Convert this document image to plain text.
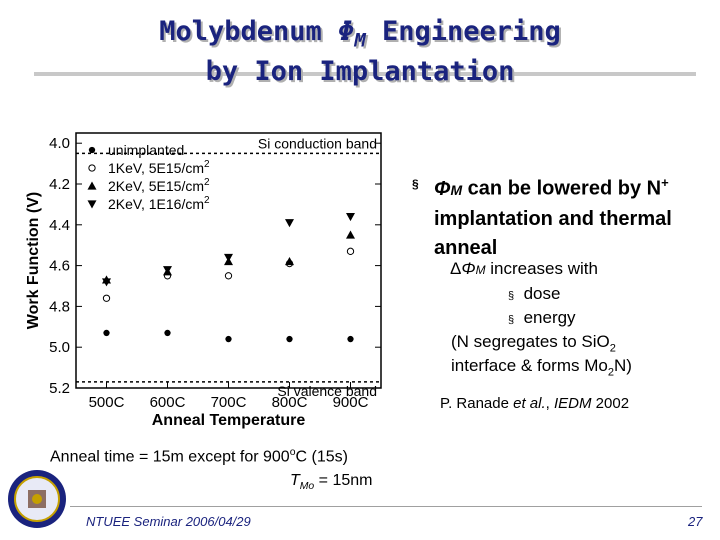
Molybdenum $\Phi_M$ Engineering
by Ion Implantation
4.0
4.2
4.4
4.6
4.8
5.0
5.2
500C 600C 700C 800C 900C
Anneal Temperature
Work Function (V)
Si conduction band
Si valence band
unimplanted
1KeV, $5E15/cm^2$
2KeV, $5E15/cm^2$
2KeV, $1E16/cm^2$
§ ΦM can be lowered by N+ implantation and thermal anneal
ΔΦM increases with
§ dose
§ energy
(N segregates to SiO$_2$
interface & forms $Mo_2N$)
P. Ranade et al., IEDM 2002
Anneal time = 15m except for 900$^o$C (15s)
$T_{Mo} = 15nm$
NTUEE Seminar 2006/04/29	27
